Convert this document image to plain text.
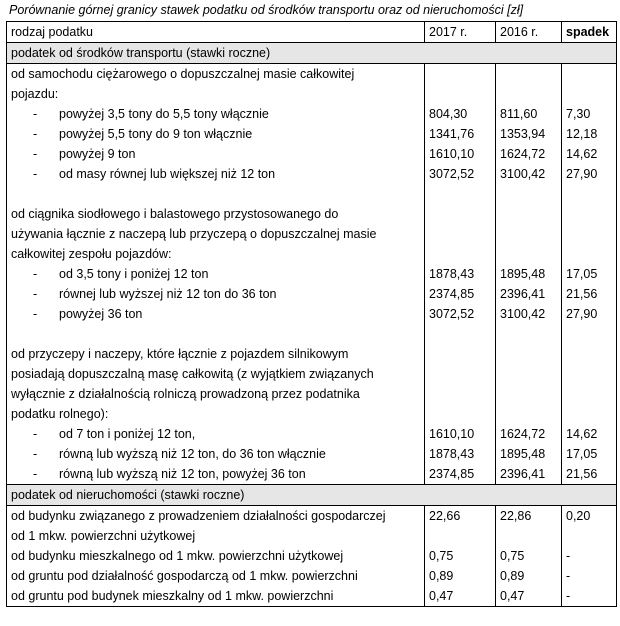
Porównanie górnej granicy stawek podatku od środków transportu oraz od nieruchomości [zł]
rodzaj podatku	2017 r.	2016 r.	spadek
podatek od środków transportu (stawki roczne)			
od samochodu ciężarowego o dopuszczalnej masie całkowitej			
pojazdu:			

- powyżej 3,5 tony do 5,5 tony włącznie	804,30	811,60	7,30

- powyżej 5,5 tony do 9 ton włącznie	1341,76	1353,94	12,18

- powyżej 9 ton	1610,10	1624,72	14,62

- od masy równej lub większej niż 12 ton	3072,52	3100,42	27,90

od ciągnika siodłowego i balastowego przystosowanego do			
używania łącznie z naczepą lub przyczepą o dopuszczalnej masie			
całkowitej zespołu pojazdów:			

- od 3,5 tony i poniżej 12 ton	1878,43	1895,48	17,05

- równej lub wyższej niż 12 ton do 36 ton	2374,85	2396,41	21,56

- powyżej 36 ton	3072,52	3100,42	27,90

od przyczepy i naczepy, które łącznie z pojazdem silnikowym			
posiadają dopuszczalną masę całkowitą (z wyjątkiem związanych			
wyłącznie z działalnością rolniczą prowadzoną przez podatnika			
podatku rolnego):			

- od 7 ton i poniżej 12 ton,	1610,10	1624,72	14,62

- równą lub wyższą niż 12 ton, do 36 ton włącznie	1878,43	1895,48	17,05

- równą lub wyższą niż 12 ton, powyżej 36 ton	2374,85	2396,41	21,56
podatek od nieruchomości (stawki roczne)			
od budynku związanego z prowadzeniem działalności gospodarczej	22,66	22,86	0,20
od 1 mkw. powierzchni użytkowej			
od budynku mieszkalnego od 1 mkw. powierzchni użytkowej	0,75	0,75	-
od gruntu pod działalność gospodarczą od 1 mkw. powierzchni	0,89	0,89	-
od gruntu pod budynek mieszkalny od 1 mkw. powierzchni	0,47	0,47	-
